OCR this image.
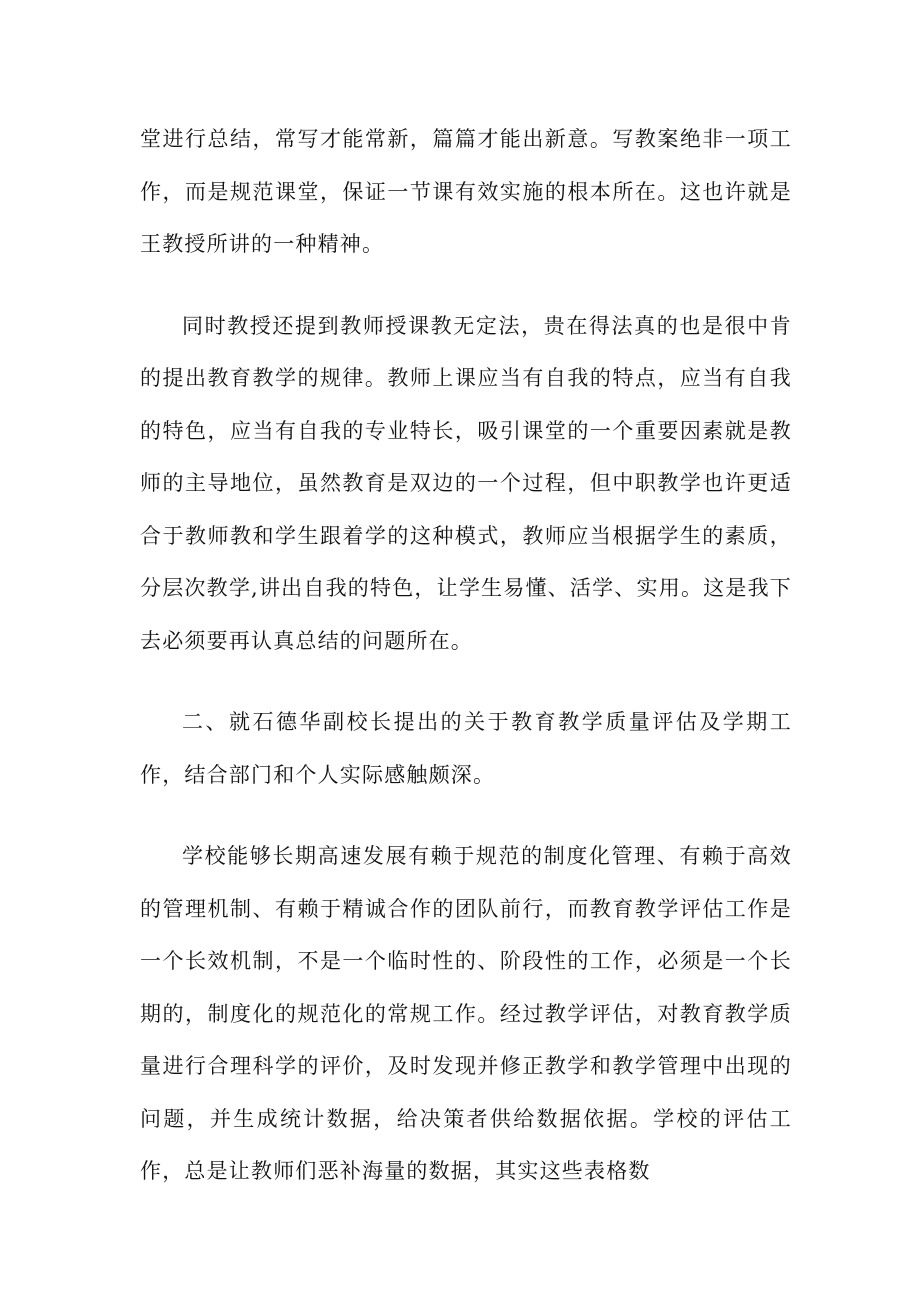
堂进行总结，常写才能常新，篇篇才能出新意。写教案绝非一项工作，而是规范课堂，保证一节课有效实施的根本所在。这也许就是王教授所讲的一种精神。

同时教授还提到教师授课教无定法，贵在得法真的也是很中肯的提出教育教学的规律。教师上课应当有自我的特点，应当有自我的特色，应当有自我的专业特长，吸引课堂的一个重要因素就是教师的主导地位，虽然教育是双边的一个过程，但中职教学也许更适合于教师教和学生跟着学的这种模式，教师应当根据学生的素质，分层次教学,讲出自我的特色，让学生易懂、活学、实用。这是我下去必须要再认真总结的问题所在。

二、就石德华副校长提出的关于教育教学质量评估及学期工作，结合部门和个人实际感触颇深。

学校能够长期高速发展有赖于规范的制度化管理、有赖于高效的管理机制、有赖于精诚合作的团队前行，而教育教学评估工作是一个长效机制，不是一个临时性的、阶段性的工作，必须是一个长期的，制度化的规范化的常规工作。经过教学评估，对教育教学质量进行合理科学的评价，及时发现并修正教学和教学管理中出现的问题，并生成统计数据，给决策者供给数据依据。学校的评估工作，总是让教师们恶补海量的数据，其实这些表格数
